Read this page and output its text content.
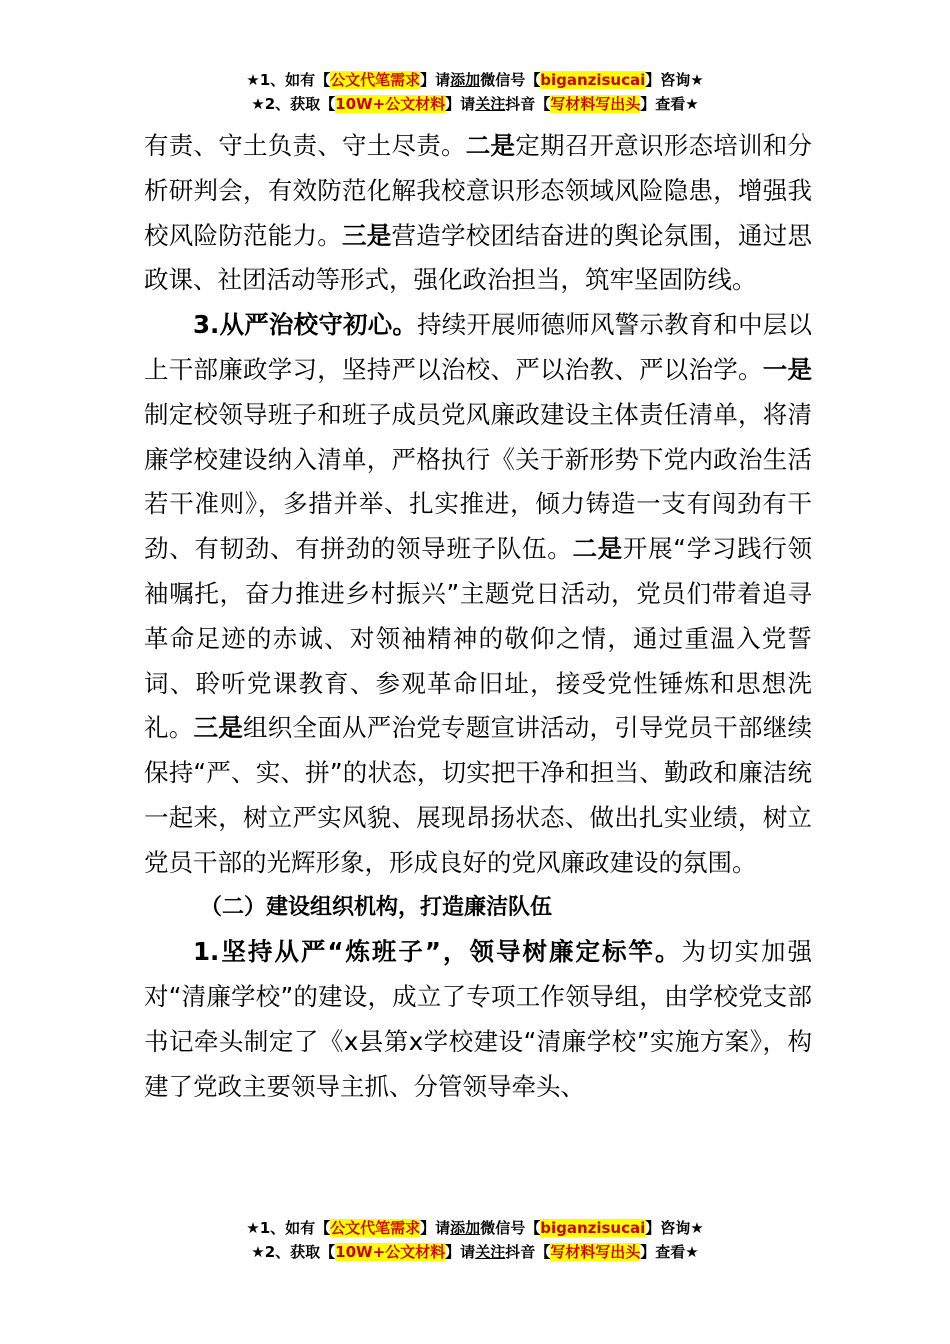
★1、如有【公文代笔需求】请添加微信号【biganzisucai】咨询★
★2、获取【10W+公文材料】请关注抖音【写材料写出头】查看★

有责、守土负责、守土尽责。二是定期召开意识形态培训和分析研判会，有效防范化解我校意识形态领域风险隐患，增强我校风险防范能力。三是营造学校团结奋进的舆论氛围，通过思政课、社团活动等形式，强化政治担当，筑牢坚固防线。

3.从严治校守初心。持续开展师德师风警示教育和中层以上干部廉政学习，坚持严以治校、严以治教、严以治学。一是制定校领导班子和班子成员党风廉政建设主体责任清单，将清廉学校建设纳入清单，严格执行《关于新形势下党内政治生活若干准则》，多措并举、扎实推进，倾力铸造一支有闯劲有干劲、有韧劲、有拼劲的领导班子队伍。二是开展“学习践行领袖嘱托，奋力推进乡村振兴”主题党日活动，党员们带着追寻革命足迹的赤诚、对领袖精神的敬仰之情，通过重温入党誓词、聆听党课教育、参观革命旧址，接受党性锤炼和思想洗礼。三是组织全面从严治党专题宣讲活动，引导党员干部继续保持“严、实、拼”的状态，切实把干净和担当、勤政和廉洁统一起来，树立严实风貌、展现昂扬状态、做出扎实业绩，树立党员干部的光辉形象，形成良好的党风廉政建设的氛围。

（二）建设组织机构，打造廉洁队伍

1.坚持从严“炼班子”，领导树廉定标竿。为切实加强对“清廉学校”的建设，成立了专项工作领导组，由学校党支部书记牵头制定了《x县第x学校建设“清廉学校”实施方案》，构建了党政主要领导主抓、分管领导牵头、

★1、如有【公文代笔需求】请添加微信号【biganzisucai】咨询★
★2、获取【10W+公文材料】请关注抖音【写材料写出头】查看★
